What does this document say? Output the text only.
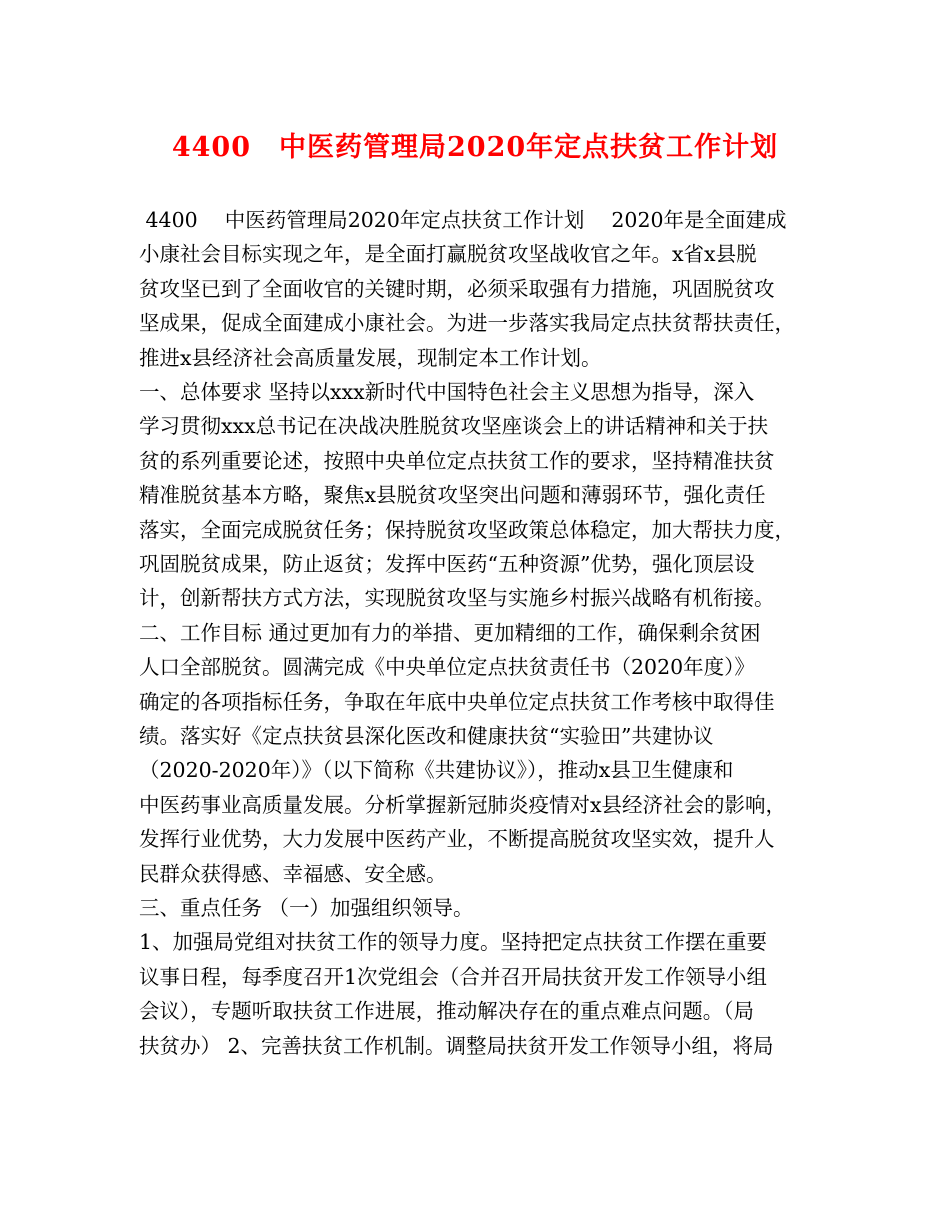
4400　中医药管理局2020年定点扶贫工作计划
4400　 中医药管理局2020年定点扶贫工作计划　 2020年是全面建成
小康社会目标实现之年，是全面打赢脱贫攻坚战收官之年。x省x县脱
贫攻坚已到了全面收官的关键时期，必须采取强有力措施，巩固脱贫攻
坚成果，促成全面建成小康社会。为进一步落实我局定点扶贫帮扶责任，
推进x县经济社会高质量发展，现制定本工作计划。
一、总体要求 坚持以xxx新时代中国特色社会主义思想为指导，深入
学习贯彻xxx总书记在决战决胜脱贫攻坚座谈会上的讲话精神和关于扶
贫的系列重要论述，按照中央单位定点扶贫工作的要求，坚持精准扶贫
精准脱贫基本方略，聚焦x县脱贫攻坚突出问题和薄弱环节，强化责任
落实，全面完成脱贫任务；保持脱贫攻坚政策总体稳定，加大帮扶力度，
巩固脱贫成果，防止返贫；发挥中医药“五种资源”优势，强化顶层设
计，创新帮扶方式方法，实现脱贫攻坚与实施乡村振兴战略有机衔接。
二、工作目标 通过更加有力的举措、更加精细的工作，确保剩余贫困
人口全部脱贫。圆满完成《中央单位定点扶贫责任书（2020年度）》
确定的各项指标任务，争取在年底中央单位定点扶贫工作考核中取得佳
绩。落实好《定点扶贫县深化医改和健康扶贫“实验田”共建协议
（2020-2020年）》（以下简称《共建协议》），推动x县卫生健康和
中医药事业高质量发展。分析掌握新冠肺炎疫情对x县经济社会的影响，
发挥行业优势，大力发展中医药产业，不断提高脱贫攻坚实效，提升人
民群众获得感、幸福感、安全感。
三、重点任务 （一）加强组织领导。
1、加强局党组对扶贫工作的领导力度。坚持把定点扶贫工作摆在重要
议事日程，每季度召开1次党组会（合并召开局扶贫开发工作领导小组
会议），专题听取扶贫工作进展，推动解决存在的重点难点问题。（局
扶贫办） 2、完善扶贫工作机制。调整局扶贫开发工作领导小组，将局
